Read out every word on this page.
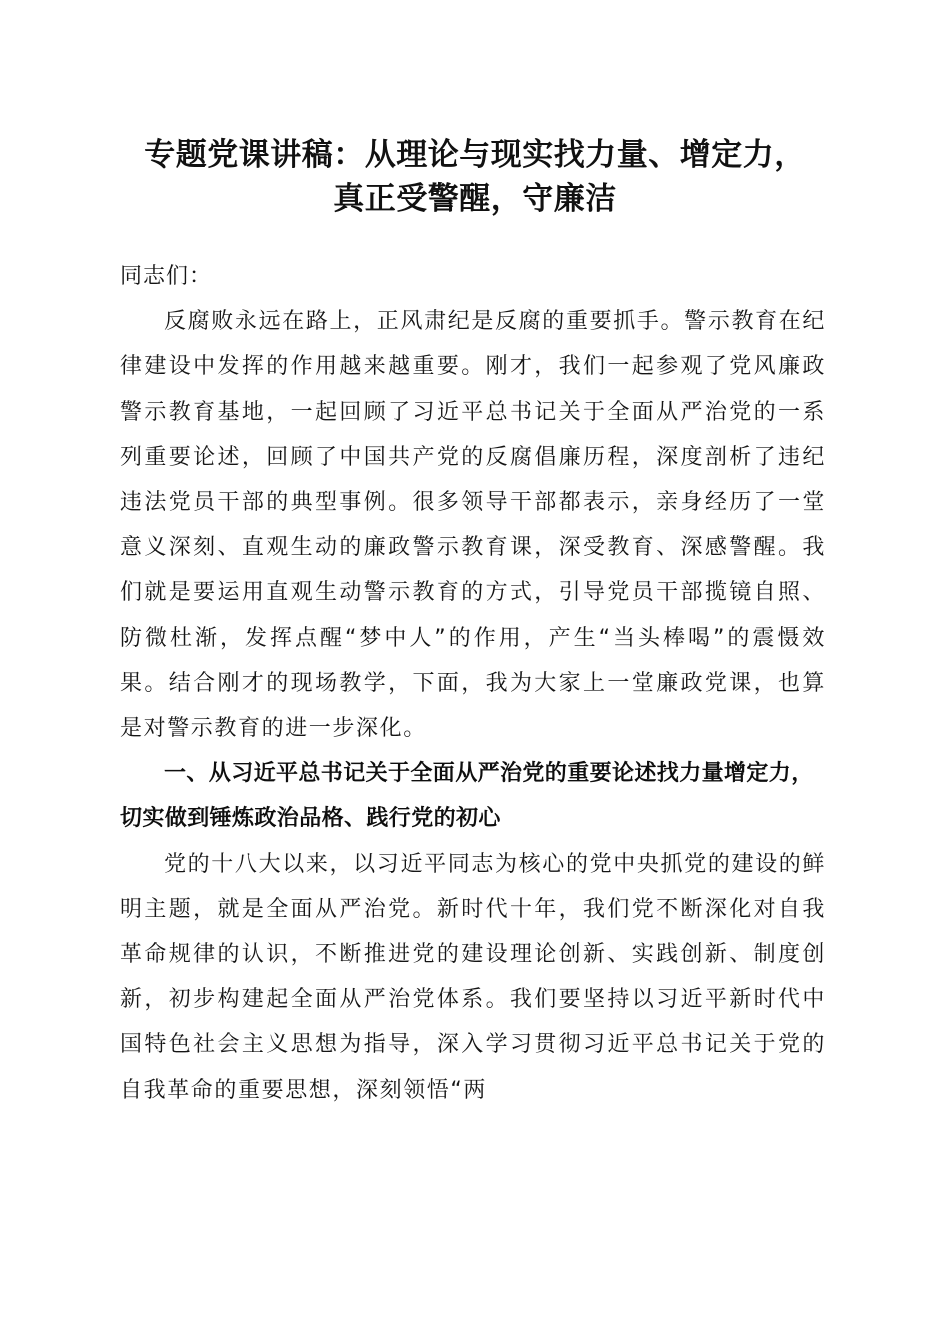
专题党课讲稿：从理论与现实找力量、增定力，
真正受警醒，守廉洁

同志们：

反腐败永远在路上，正风肃纪是反腐的重要抓手。警示教育在纪律建设中发挥的作用越来越重要。刚才，我们一起参观了党风廉政警示教育基地，一起回顾了习近平总书记关于全面从严治党的一系列重要论述，回顾了中国共产党的反腐倡廉历程，深度剖析了违纪违法党员干部的典型事例。很多领导干部都表示，亲身经历了一堂意义深刻、直观生动的廉政警示教育课，深受教育、深感警醒。我们就是要运用直观生动警示教育的方式，引导党员干部揽镜自照、防微杜渐，发挥点醒“梦中人”的作用，产生“当头棒喝”的震慑效果。结合刚才的现场教学，下面，我为大家上一堂廉政党课，也算是对警示教育的进一步深化。

一、从习近平总书记关于全面从严治党的重要论述找力量增定力，切实做到锤炼政治品格、践行党的初心

党的十八大以来，以习近平同志为核心的党中央抓党的建设的鲜明主题，就是全面从严治党。新时代十年，我们党不断深化对自我革命规律的认识，不断推进党的建设理论创新、实践创新、制度创新，初步构建起全面从严治党体系。我们要坚持以习近平新时代中国特色社会主义思想为指导，深入学习贯彻习近平总书记关于党的自我革命的重要思想，深刻领悟“两
